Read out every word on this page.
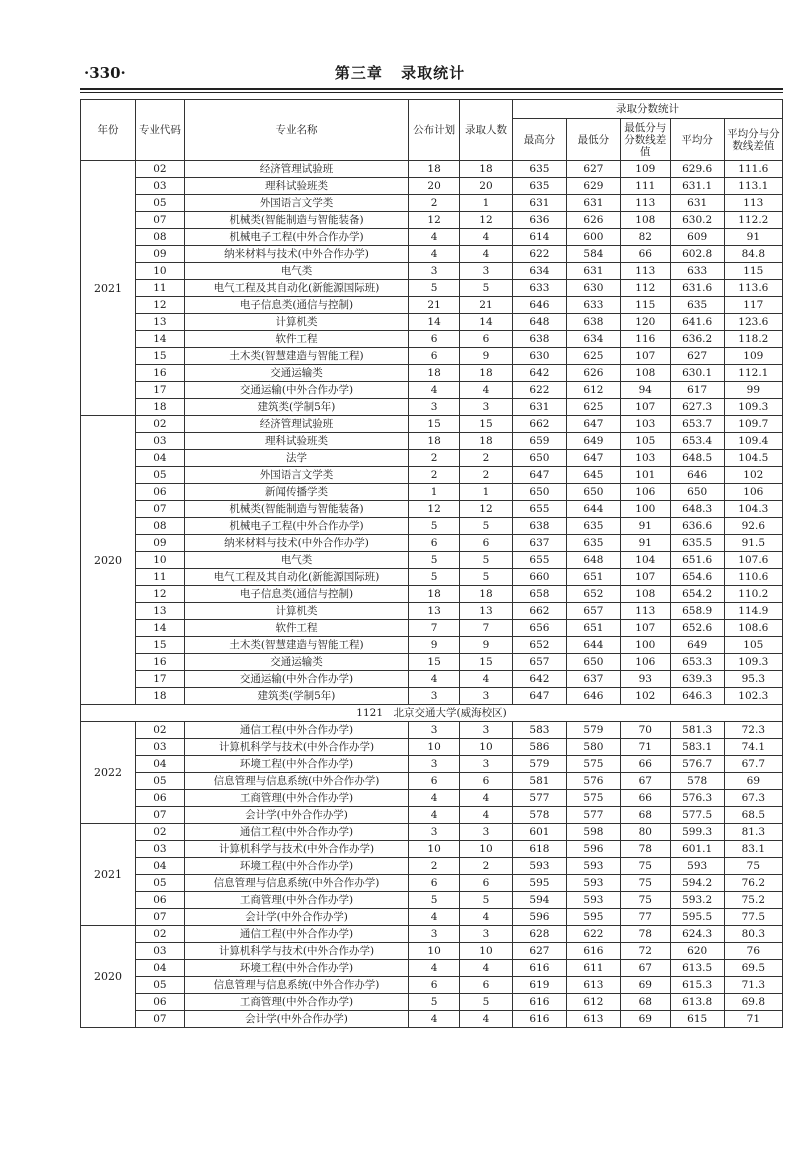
·330·	第三章 录取统计
年份	专业代码	专业名称	公布计划	录取人数	录取分数统计				
					最高分	最低分	最低分与分数线差值	平均分	平均分与分数线差值
2021	02	经济管理试验班	18	18	635	627	109	629.6	111.6
	03	理科试验班类	20	20	635	629	111	631.1	113.1
	05	外国语言文学类	2	1	631	631	113	631	113
	07	机械类(智能制造与智能装备)	12	12	636	626	108	630.2	112.2
	08	机械电子工程(中外合作办学)	4	4	614	600	82	609	91
	09	纳米材料与技术(中外合作办学)	4	4	622	584	66	602.8	84.8
	10	电气类	3	3	634	631	113	633	115
	11	电气工程及其自动化(新能源国际班)	5	5	633	630	112	631.6	113.6
	12	电子信息类(通信与控制)	21	21	646	633	115	635	117
	13	计算机类	14	14	648	638	120	641.6	123.6
	14	软件工程	6	6	638	634	116	636.2	118.2
	15	土木类(智慧建造与智能工程)	6	9	630	625	107	627	109
	16	交通运输类	18	18	642	626	108	630.1	112.1
	17	交通运输(中外合作办学)	4	4	622	612	94	617	99
	18	建筑类(学制5年)	3	3	631	625	107	627.3	109.3
2020	02	经济管理试验班	15	15	662	647	103	653.7	109.7
	03	理科试验班类	18	18	659	649	105	653.4	109.4
	04	法学	2	2	650	647	103	648.5	104.5
	05	外国语言文学类	2	2	647	645	101	646	102
	06	新闻传播学类	1	1	650	650	106	650	106
	07	机械类(智能制造与智能装备)	12	12	655	644	100	648.3	104.3
	08	机械电子工程(中外合作办学)	5	5	638	635	91	636.6	92.6
	09	纳米材料与技术(中外合作办学)	6	6	637	635	91	635.5	91.5
	10	电气类	5	5	655	648	104	651.6	107.6
	11	电气工程及其自动化(新能源国际班)	5	5	660	651	107	654.6	110.6
	12	电子信息类(通信与控制)	18	18	658	652	108	654.2	110.2
	13	计算机类	13	13	662	657	113	658.9	114.9
	14	软件工程	7	7	656	651	107	652.6	108.6
	15	土木类(智慧建造与智能工程)	9	9	652	644	100	649	105
	16	交通运输类	15	15	657	650	106	653.3	109.3
	17	交通运输(中外合作办学)	4	4	642	637	93	639.3	95.3
	18	建筑类(学制5年)	3	3	647	646	102	646.3	102.3
1121　北京交通大学(威海校区)									
2022	02	通信工程(中外合作办学)	3	3	583	579	70	581.3	72.3
	03	计算机科学与技术(中外合作办学)	10	10	586	580	71	583.1	74.1
	04	环境工程(中外合作办学)	3	3	579	575	66	576.7	67.7
	05	信息管理与信息系统(中外合作办学)	6	6	581	576	67	578	69
	06	工商管理(中外合作办学)	4	4	577	575	66	576.3	67.3
	07	会计学(中外合作办学)	4	4	578	577	68	577.5	68.5
2021	02	通信工程(中外合作办学)	3	3	601	598	80	599.3	81.3
	03	计算机科学与技术(中外合作办学)	10	10	618	596	78	601.1	83.1
	04	环境工程(中外合作办学)	2	2	593	593	75	593	75
	05	信息管理与信息系统(中外合作办学)	6	6	595	593	75	594.2	76.2
	06	工商管理(中外合作办学)	5	5	594	593	75	593.2	75.2
	07	会计学(中外合作办学)	4	4	596	595	77	595.5	77.5
2020	02	通信工程(中外合作办学)	3	3	628	622	78	624.3	80.3
	03	计算机科学与技术(中外合作办学)	10	10	627	616	72	620	76
	04	环境工程(中外合作办学)	4	4	616	611	67	613.5	69.5
	05	信息管理与信息系统(中外合作办学)	6	6	619	613	69	615.3	71.3
	06	工商管理(中外合作办学)	5	5	616	612	68	613.8	69.8
	07	会计学(中外合作办学)	4	4	616	613	69	615	71
